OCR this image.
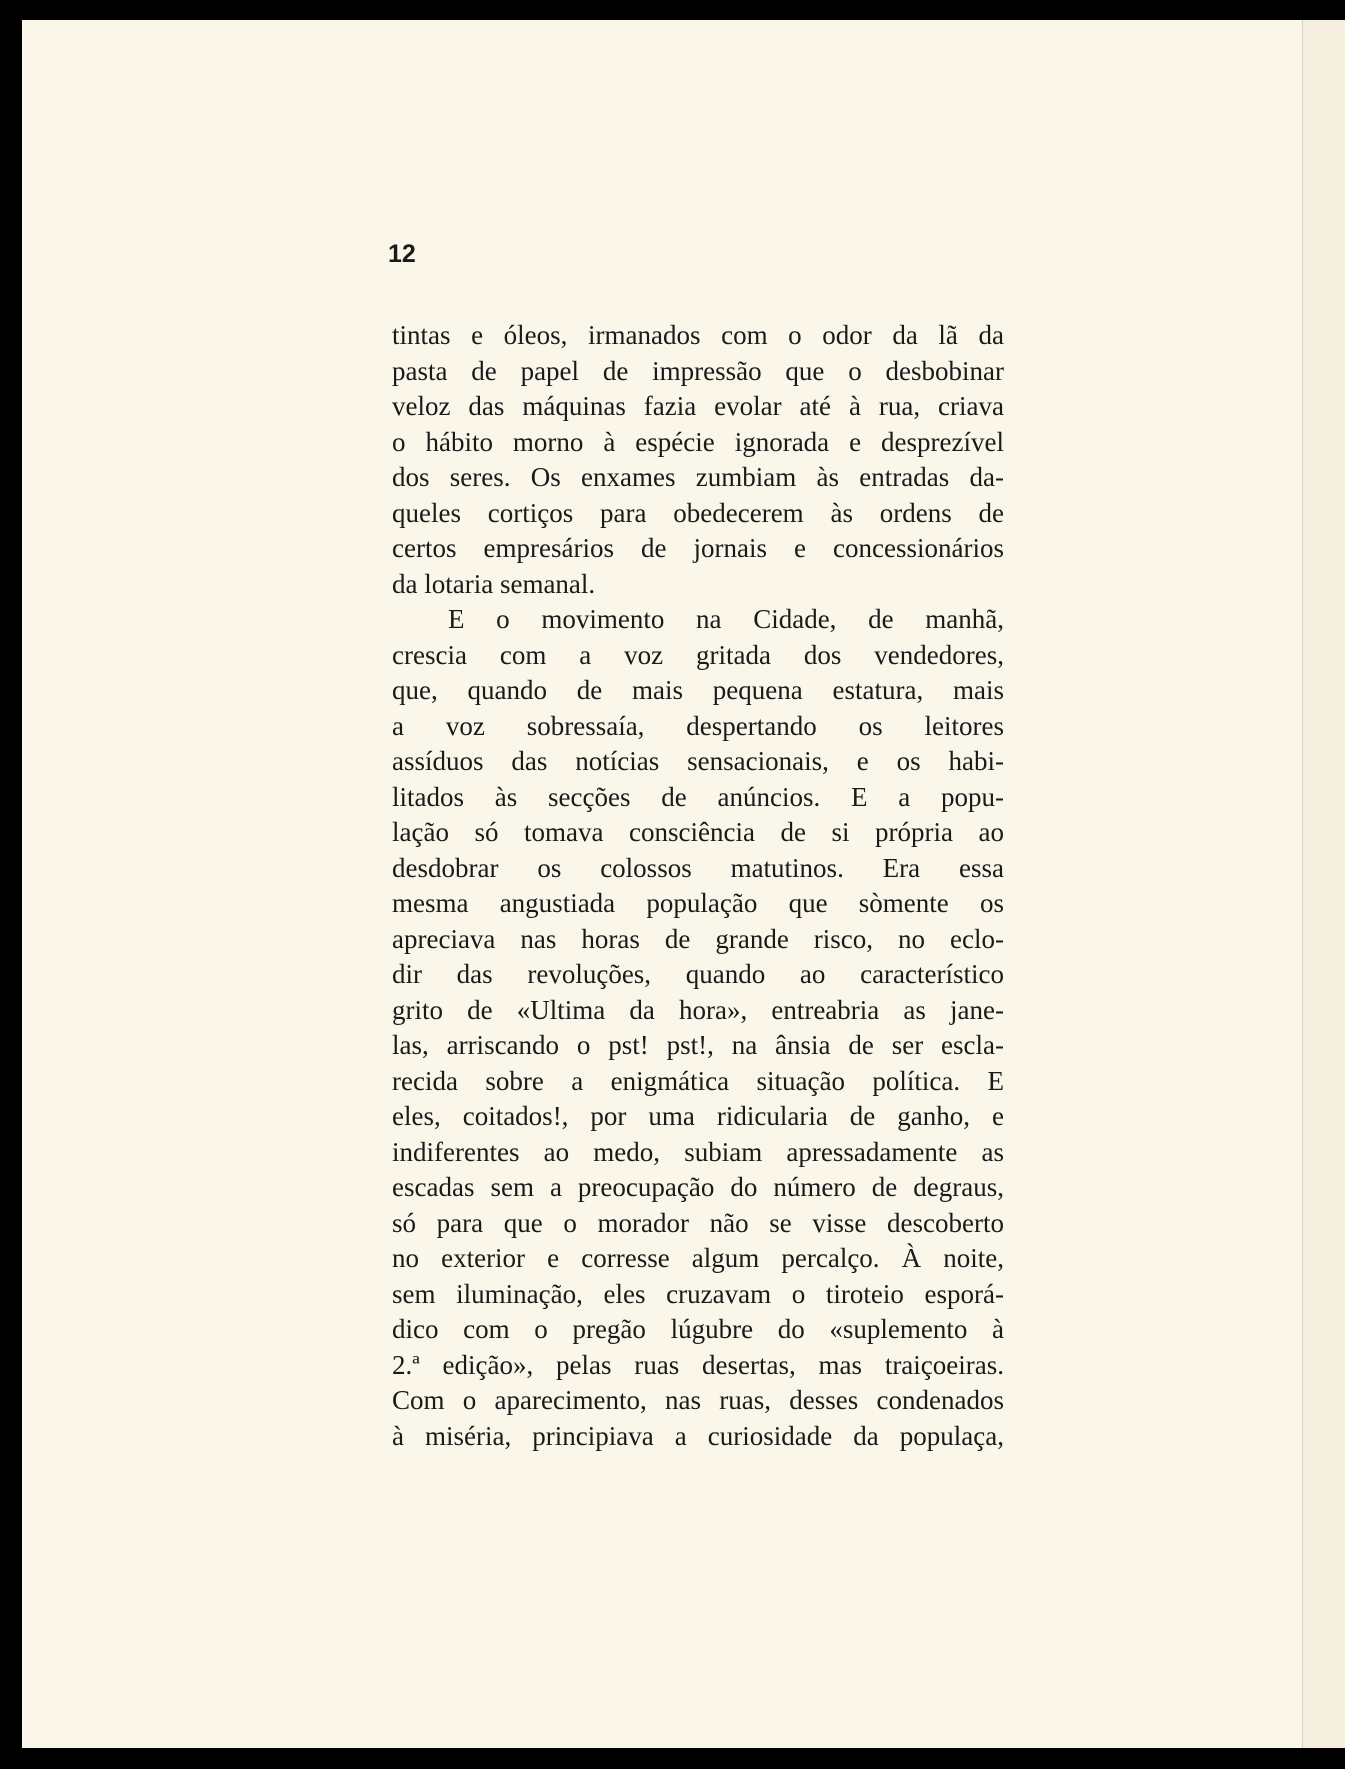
12

tintas e óleos, irmanados com o odor da lã da
pasta de papel de impressão que o desbobinar
veloz das máquinas fazia evolar até à rua, criava
o hábito morno à espécie ignorada e desprezível
dos seres. Os enxames zumbiam às entradas da-
queles cortiços para obedecerem às ordens de
certos empresários de jornais e concessionários
da lotaria semanal.
E o movimento na Cidade, de manhã,
crescia com a voz gritada dos vendedores,
que, quando de mais pequena estatura, mais
a voz sobressaía, despertando os leitores
assíduos das notícias sensacionais, e os habi-
litados às secções de anúncios. E a popu-
lação só tomava consciência de si própria ao
desdobrar os colossos matutinos. Era essa
mesma angustiada população que sòmente os
apreciava nas horas de grande risco, no eclo-
dir das revoluções, quando ao característico
grito de «Ultima da hora», entreabria as jane-
las, arriscando o pst! pst!, na ânsia de ser escla-
recida sobre a enigmática situação política. E
eles, coitados!, por uma ridicularia de ganho, e
indiferentes ao medo, subiam apressadamente as
escadas sem a preocupação do número de degraus,
só para que o morador não se visse descoberto
no exterior e corresse algum percalço. À noite,
sem iluminação, eles cruzavam o tiroteio esporá-
dico com o pregão lúgubre do «suplemento à
2.ª edição», pelas ruas desertas, mas traiçoeiras.
Com o aparecimento, nas ruas, desses condenados
à miséria, principiava a curiosidade da populaça,
